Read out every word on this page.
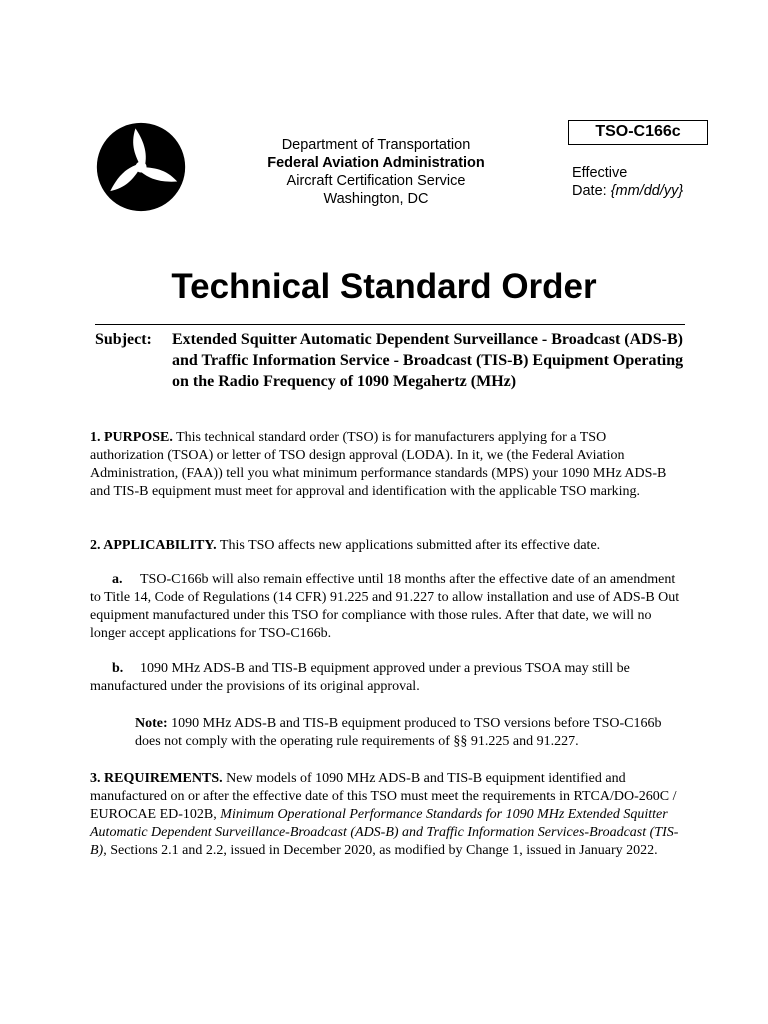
Department of Transportation
Federal Aviation Administration
Aircraft Certification Service
Washington, DC
TSO-C166c
Effective
Date: {mm/dd/yy}
Technical Standard Order
Subject: Extended Squitter Automatic Dependent Surveillance - Broadcast (ADS-B) and Traffic Information Service - Broadcast (TIS-B) Equipment Operating on the Radio Frequency of 1090 Megahertz (MHz)
1. PURPOSE. This technical standard order (TSO) is for manufacturers applying for a TSO authorization (TSOA) or letter of TSO design approval (LODA). In it, we (the Federal Aviation Administration, (FAA)) tell you what minimum performance standards (MPS) your 1090 MHz ADS-B and TIS-B equipment must meet for approval and identification with the applicable TSO marking.
2. APPLICABILITY. This TSO affects new applications submitted after its effective date.
a. TSO-C166b will also remain effective until 18 months after the effective date of an amendment to Title 14, Code of Regulations (14 CFR) 91.225 and 91.227 to allow installation and use of ADS-B Out equipment manufactured under this TSO for compliance with those rules. After that date, we will no longer accept applications for TSO-C166b.
b. 1090 MHz ADS-B and TIS-B equipment approved under a previous TSOA may still be manufactured under the provisions of its original approval.
Note: 1090 MHz ADS-B and TIS-B equipment produced to TSO versions before TSO-C166b does not comply with the operating rule requirements of §§ 91.225 and 91.227.
3. REQUIREMENTS. New models of 1090 MHz ADS-B and TIS-B equipment identified and manufactured on or after the effective date of this TSO must meet the requirements in RTCA/DO-260C / EUROCAE ED-102B, Minimum Operational Performance Standards for 1090 MHz Extended Squitter Automatic Dependent Surveillance-Broadcast (ADS-B) and Traffic Information Services-Broadcast (TIS-B), Sections 2.1 and 2.2, issued in December 2020, as modified by Change 1, issued in January 2022.
